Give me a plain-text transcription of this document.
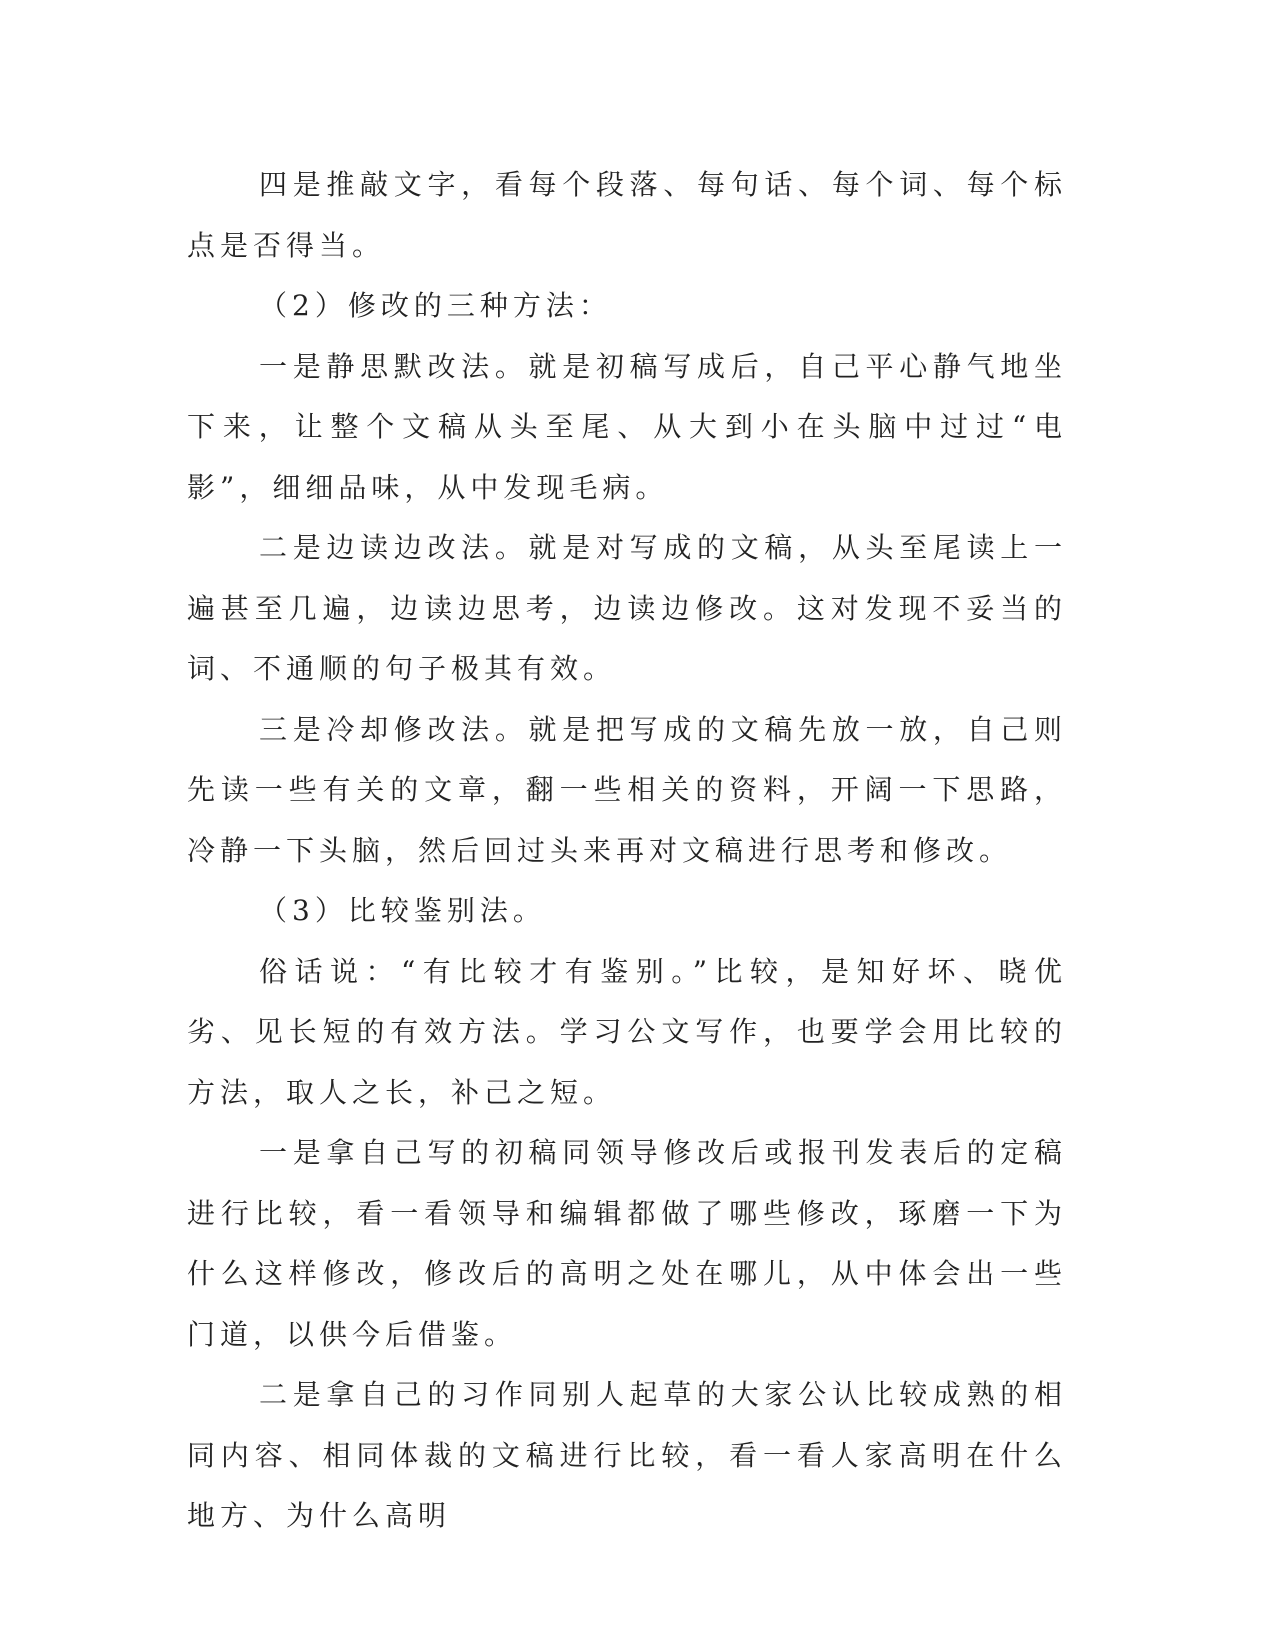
四是推敲文字，看每个段落、每句话、每个词、每个标点是否得当。

（2）修改的三种方法：

一是静思默改法。就是初稿写成后，自己平心静气地坐下来，让整个文稿从头至尾、从大到小在头脑中过过“电影”，细细品味，从中发现毛病。

二是边读边改法。就是对写成的文稿，从头至尾读上一遍甚至几遍，边读边思考，边读边修改。这对发现不妥当的词、不通顺的句子极其有效。

三是冷却修改法。就是把写成的文稿先放一放，自己则先读一些有关的文章，翻一些相关的资料，开阔一下思路，冷静一下头脑，然后回过头来再对文稿进行思考和修改。

（3）比较鉴别法。

俗话说：“有比较才有鉴别。”比较，是知好坏、晓优劣、见长短的有效方法。学习公文写作，也要学会用比较的方法，取人之长，补己之短。

一是拿自己写的初稿同领导修改后或报刊发表后的定稿进行比较，看一看领导和编辑都做了哪些修改，琢磨一下为什么这样修改，修改后的高明之处在哪儿，从中体会出一些门道，以供今后借鉴。

二是拿自己的习作同别人起草的大家公认比较成熟的相同内容、相同体裁的文稿进行比较，看一看人家高明在什么地方、为什么高明
